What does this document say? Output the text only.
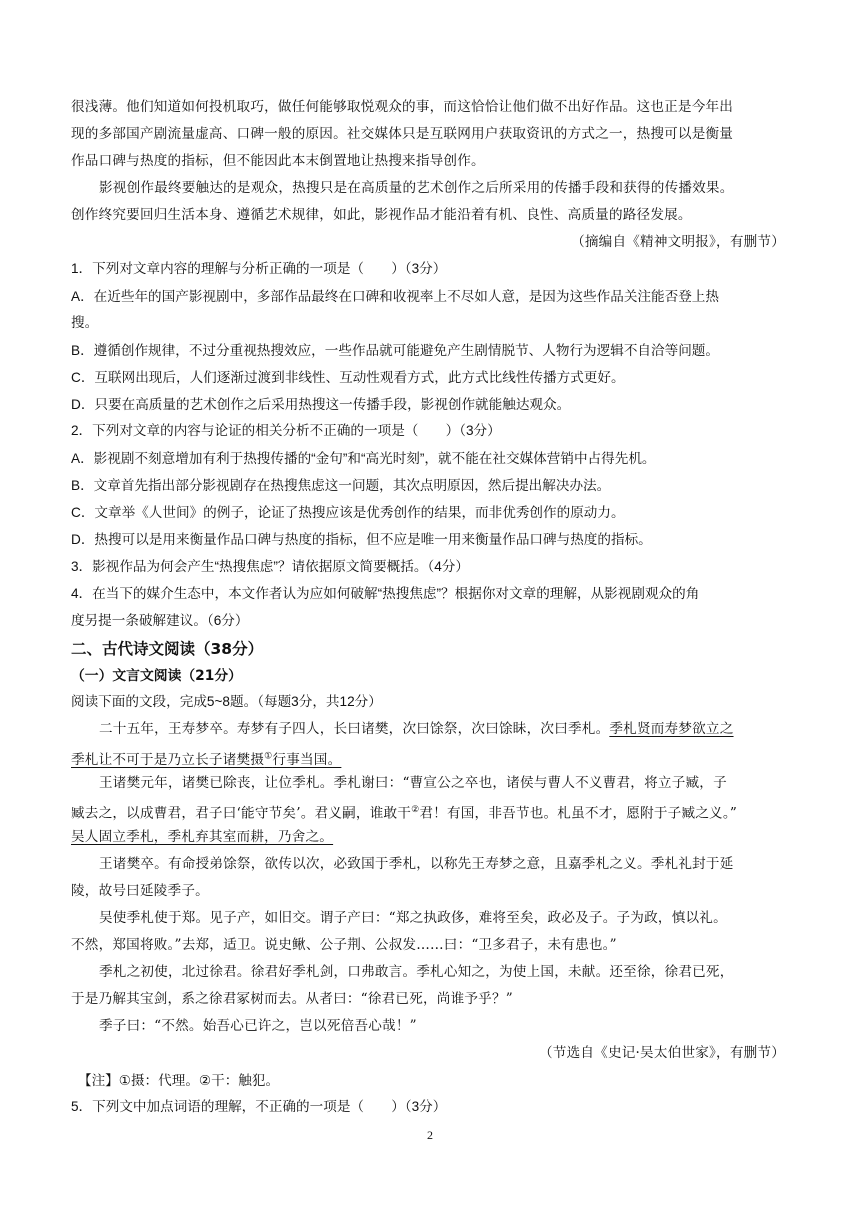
很浅薄。他们知道如何投机取巧，做任何能够取悦观众的事，而这恰恰让他们做不出好作品。这也正是今年出
现的多部国产剧流量虚高、口碑一般的原因。社交媒体只是互联网用户获取资讯的方式之一，热搜可以是衡量
作品口碑与热度的指标，但不能因此本末倒置地让热搜来指导创作。
影视创作最终要触达的是观众，热搜只是在高质量的艺术创作之后所采用的传播手段和获得的传播效果。
创作终究要回归生活本身、遵循艺术规律，如此，影视作品才能沿着有机、良性、高质量的路径发展。
（摘编自《精神文明报》，有删节）
1．下列对文章内容的理解与分析正确的一项是（　　）（3分）
A．在近些年的国产影视剧中，多部作品最终在口碑和收视率上不尽如人意，是因为这些作品关注能否登上热
搜。
B．遵循创作规律，不过分重视热搜效应，一些作品就可能避免产生剧情脱节、人物行为逻辑不自洽等问题。
C．互联网出现后，人们逐渐过渡到非线性、互动性观看方式，此方式比线性传播方式更好。
D．只要在高质量的艺术创作之后采用热搜这一传播手段，影视创作就能触达观众。
2．下列对文章的内容与论证的相关分析不正确的一项是（　　）（3分）
A．影视剧不刻意增加有利于热搜传播的“金句”和“高光时刻”，就不能在社交媒体营销中占得先机。
B．文章首先指出部分影视剧存在热搜焦虑这一问题，其次点明原因，然后提出解决办法。
C．文章举《人世间》的例子，论证了热搜应该是优秀创作的结果，而非优秀创作的原动力。
D．热搜可以是用来衡量作品口碑与热度的指标，但不应是唯一用来衡量作品口碑与热度的指标。
3．影视作品为何会产生“热搜焦虑”？请依据原文简要概括。（4分）
4．在当下的媒介生态中，本文作者认为应如何破解“热搜焦虑”？根据你对文章的理解，从影视剧观众的角
度另提一条破解建议。（6分）
二、古代诗文阅读（38分）
（一）文言文阅读（21分）
阅读下面的文段，完成5~8题。（每题3分，共12分）
二十五年，王寿梦卒。寿梦有子四人，长曰诸樊，次曰馀祭，次曰馀眛，次曰季札。季札贤而寿梦欲立之
季札让不可于是乃立长子诸樊摄①行事当国。
王诸樊元年，诸樊已除丧，让位季札。季札谢曰：“曹宣公之卒也，诸侯与曹人不义曹君，将立子臧，子
臧去之，以成曹君，君子曰‘能守节矣’。君义嗣，谁敢干②君！有国，非吾节也。札虽不才，愿附于子臧之义。”
吴人固立季札，季札弃其室而耕，乃舍之。
王诸樊卒。有命授弟馀祭，欲传以次，必致国于季札，以称先王寿梦之意，且嘉季札之义。季札礼封于延
陵，故号曰延陵季子。
吴使季札使于郑。见子产，如旧交。谓子产曰：“郑之执政侈，难将至矣，政必及子。子为政，慎以礼。
不然，郑国将败。”去郑，适卫。说史鳅、公子荆、公叔发……曰：“卫多君子，未有患也。”
季札之初使，北过徐君。徐君好季札剑，口弗敢言。季札心知之，为使上国，未献。还至徐，徐君已死，
于是乃解其宝剑，系之徐君冢树而去。从者曰：“徐君已死，尚谁予乎？”
季子曰：“不然。始吾心已许之，岂以死倍吾心哉！”
（节选自《史记·吴太伯世家》，有删节）
【注】①摄：代理。②干：触犯。
5．下列文中加点词语的理解，不正确的一项是（　　）（3分）
2
